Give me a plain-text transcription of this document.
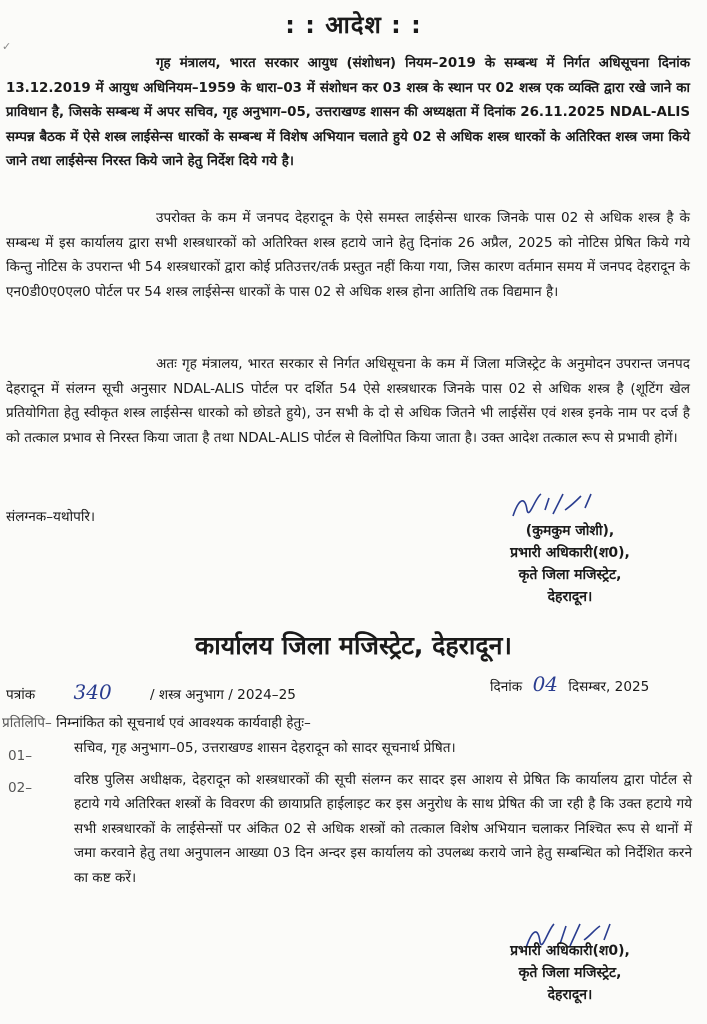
✓
: : आदेश : :

गृह मंत्रालय, भारत सरकार आयुध (संशोधन) नियम–2019 के सम्बन्ध में निर्गत अधिसूचना दिनांक 13.12.2019 में आयुध अधिनियम–1959 के धारा–03 में संशोधन कर 03 शस्त्र के स्थान पर 02 शस्त्र एक व्यक्ति द्वारा रखे जाने का प्राविधान है, जिसके सम्बन्ध में अपर सचिव, गृह अनुभाग–05, उत्तराखण्ड शासन की अध्यक्षता में दिनांक 26.11.2025 NDAL-ALIS सम्पन्न बैठक में ऐसे शस्त्र लाईसेन्स धारकों के सम्बन्ध में विशेष अभियान चलाते हुये 02 से अधिक शस्त्र धारकों के अतिरिक्त शस्त्र जमा किये जाने तथा लाईसेन्स निरस्त किये जाने हेतु निर्देश दिये गये है।

उपरोक्त के कम में जनपद देहरादून के ऐसे समस्त लाईसेन्स धारक जिनके पास 02 से अधिक शस्त्र है के सम्बन्ध में इस कार्यालय द्वारा सभी शस्त्रधारकों को अतिरिक्त शस्त्र हटाये जाने हेतु दिनांक 26 अप्रैल, 2025 को नोटिस प्रेषित किये गये किन्तु नोटिस के उपरान्त भी 54 शस्त्रधारकों द्वारा कोई प्रतिउत्तर/तर्क प्रस्तुत नहीं किया गया, जिस कारण वर्तमान समय में जनपद देहरादून के एन0डी0ए0एल0 पोर्टल पर 54 शस्त्र लाईसेन्स धारकों के पास 02 से अधिक शस्त्र होना आतिथि तक विद्यमान है।

अतः गृह मंत्रालय, भारत सरकार से निर्गत अधिसूचना के कम में जिला मजिस्ट्रेट के अनुमोदन उपरान्त जनपद देहरादून में संलग्न सूची अनुसार NDAL-ALIS पोर्टल पर दर्शित 54 ऐसे शस्त्रधारक जिनके पास 02 से अधिक शस्त्र है (शूटिंग खेल प्रतियोगिता हेतु स्वीकृत शस्त्र लाईसेन्स धारको को छोडते हुये), उन सभी के दो से अधिक जितने भी लाईसेंस एवं शस्त्र इनके नाम पर दर्ज है को तत्काल प्रभाव से निरस्त किया जाता है तथा NDAL-ALIS पोर्टल से विलोपित किया जाता है। उक्त आदेश तत्काल रूप से प्रभावी होगें।

संलग्नक–यथोपरि।
(कुमकुम जोशी),
प्रभारी अधिकारी(श0),
कृते जिला मजिस्ट्रेट,
देहरादून।
कार्यालय जिला मजिस्ट्रेट, देहरादून।
पत्रांक 340	/ शस्त्र अनुभाग / 2024–25	दिनांक 04 दिसम्बर, 2025
प्रतिलिपि– निम्नांकित को सूचनार्थ एवं आवश्यक कार्यवाही हेतुः–
01–	सचिव, गृह अनुभाग–05, उत्तराखण्ड शासन देहरादून को सादर सूचनार्थ प्रेषित।

02–	वरिष्ठ पुलिस अधीक्षक, देहरादून को शस्त्रधारकों की सूची संलग्न कर सादर इस आशय से प्रेषित कि कार्यालय द्वारा पोर्टल से हटाये गये अतिरिक्त शस्त्रों के विवरण की छायाप्रति हाईलाइट कर इस अनुरोध के साथ प्रेषित की जा रही है कि उक्त हटाये गये सभी शस्त्रधारकों के लाईसेन्सों पर अंकित 02 से अधिक शस्त्रों को तत्काल विशेष अभियान चलाकर निश्चित रूप से थानों में जमा करवाने हेतु तथा अनुपालन आख्या 03 दिन अन्दर इस कार्यालय को उपलब्ध कराये जाने हेतु सम्बन्धित को निर्देशित करने का कष्ट करें।

प्रभारी अधिकारी(श0),
कृते जिला मजिस्ट्रेट,
देहरादून।
